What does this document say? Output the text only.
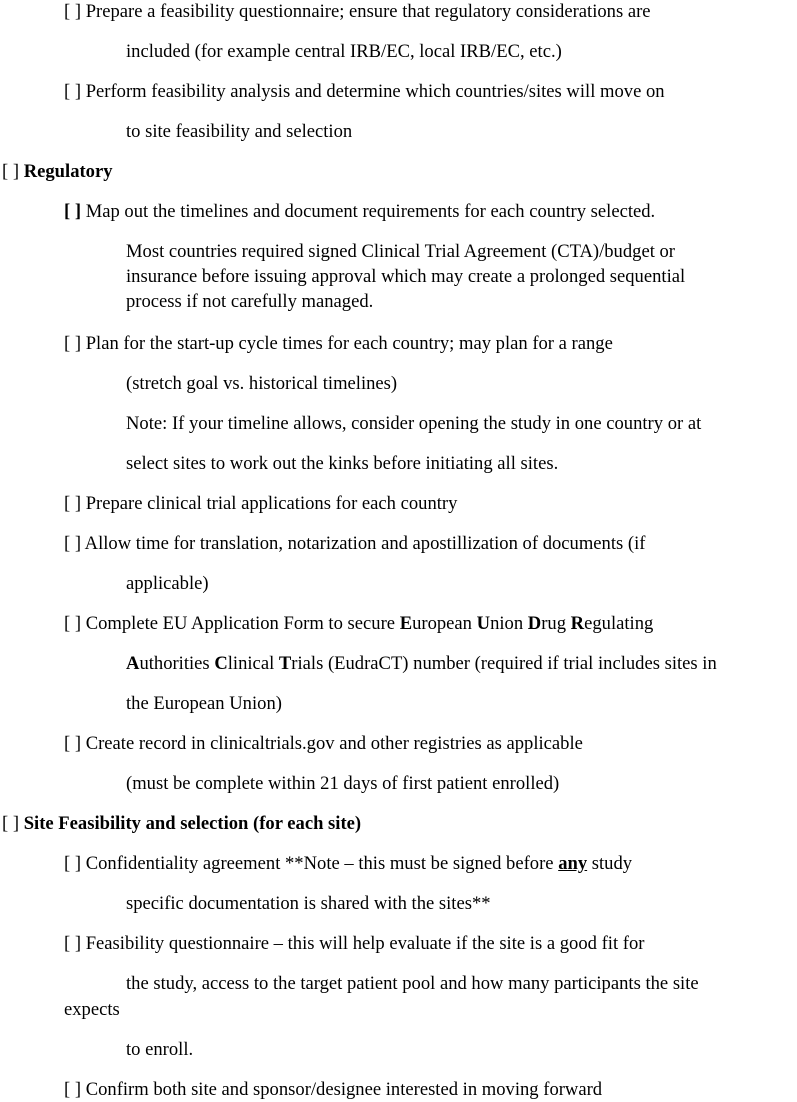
[ ] Prepare a feasibility questionnaire; ensure that regulatory considerations are
included (for example central IRB/EC, local IRB/EC, etc.)
[ ] Perform feasibility analysis and determine which countries/sites will move on
to site feasibility and selection
[ ] Regulatory
[ ] Map out the timelines and document requirements for each country selected.
Most countries required signed Clinical Trial Agreement (CTA)/budget or
insurance before issuing approval which may create a prolonged sequential
process if not carefully managed.
[ ] Plan for the start-up cycle times for each country; may plan for a range
(stretch goal vs. historical timelines)
Note: If your timeline allows, consider opening the study in one country or at
select sites to work out the kinks before initiating all sites.
[ ] Prepare clinical trial applications for each country
[ ] Allow time for translation, notarization and apostillization of documents (if
applicable)
[ ] Complete EU Application Form to secure European Union Drug Regulating
Authorities Clinical Trials (EudraCT) number (required if trial includes sites in
the European Union)
[ ] Create record in clinicaltrials.gov and other registries as applicable
(must be complete within 21 days of first patient enrolled)
[ ] Site Feasibility and selection (for each site)
[ ] Confidentiality agreement **Note – this must be signed before any study
specific documentation is shared with the sites**
[ ] Feasibility questionnaire – this will help evaluate if the site is a good fit for
the study, access to the target patient pool and how many participants the site
expects
to enroll.
[ ] Confirm both site and sponsor/designee interested in moving forward
